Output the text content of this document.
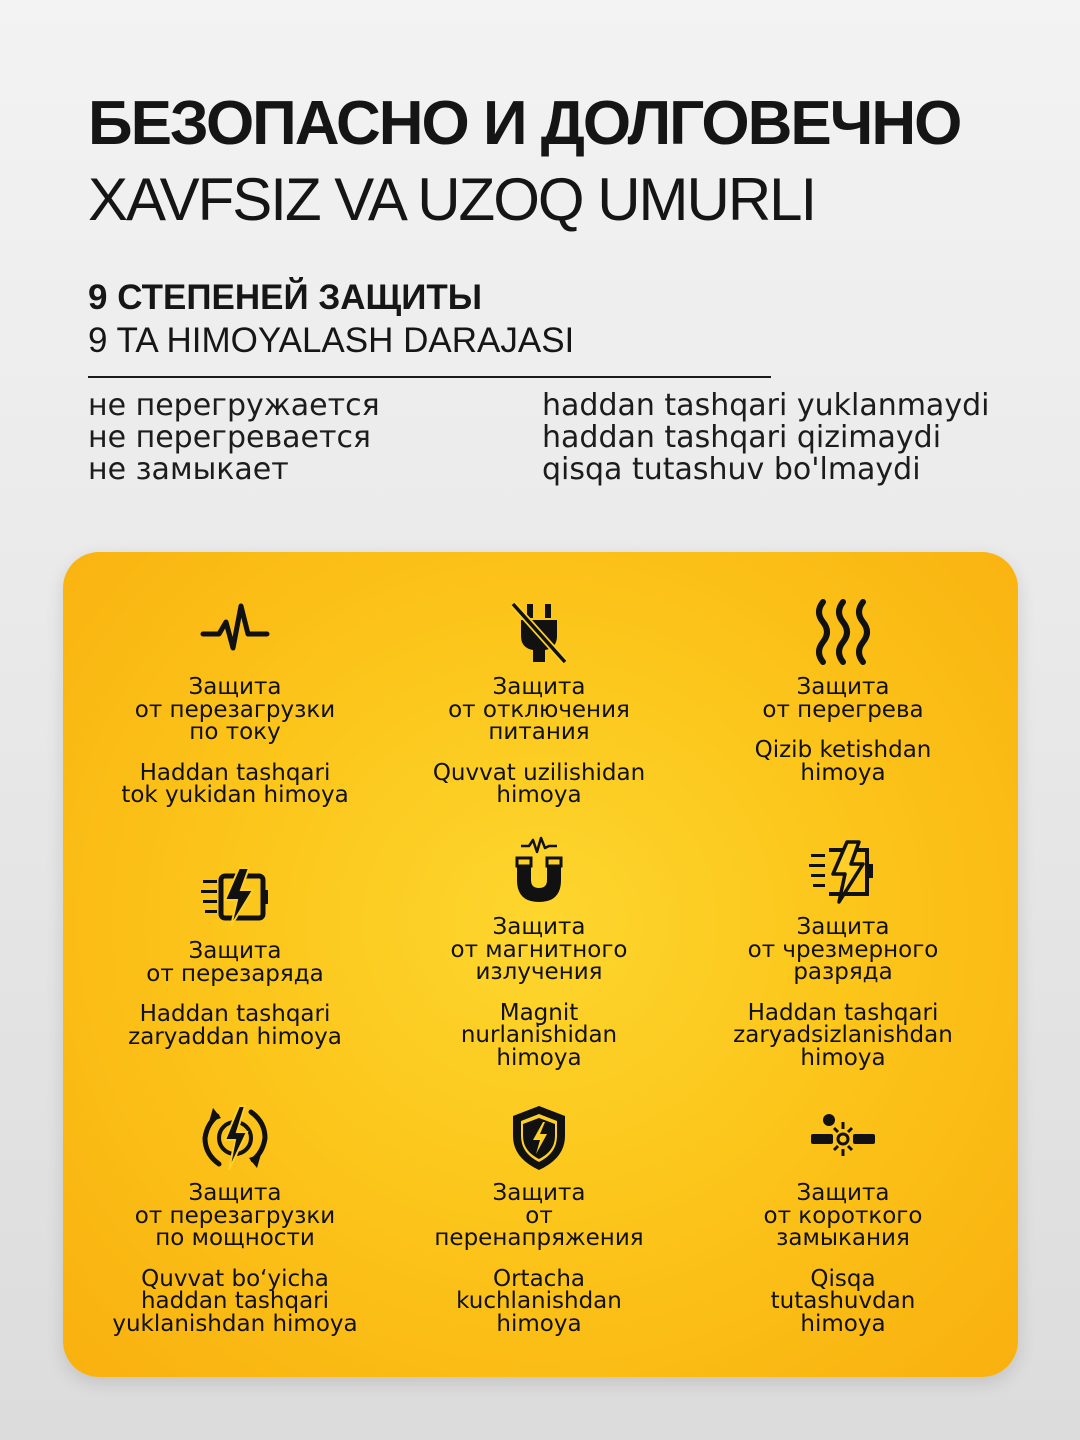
БЕЗОПАСНО И ДОЛГОВЕЧНО
XAVFSIZ VA UZOQ UMURLI
9 СТЕПЕНЕЙ ЗАЩИТЫ
9 TA HIMOYALASH DARAJASI
не перегружается
не перегревается
не замыкает
haddan tashqari yuklanmaydi
haddan tashqari qizimaydi
qisqa tutashuv bo'lmaydi
Защита
от перезагрузки
по току
Haddan tashqari
tok yukidan himoya
Защита
от отключения
питания
Quvvat uzilishidan
himoya
Защита
от перегрева
Qizib ketishdan
himoya
Защита
от перезаряда
Haddan tashqari
zaryaddan himoya
Защита
от магнитного
излучения
Magnit
nurlanishidan
himoya
Защита
от чрезмерного
разряда
Haddan tashqari
zaryadsizlanishdan
himoya
Защита
от перезагрузки
по мощности
Quvvat bo‘yicha
haddan tashqari
yuklanishdan himoya
Защита
от
перенапряжения
Ortacha
kuchlanishdan
himoya
Защита
от короткого
замыкания
Qisqa
tutashuvdan
himoya
